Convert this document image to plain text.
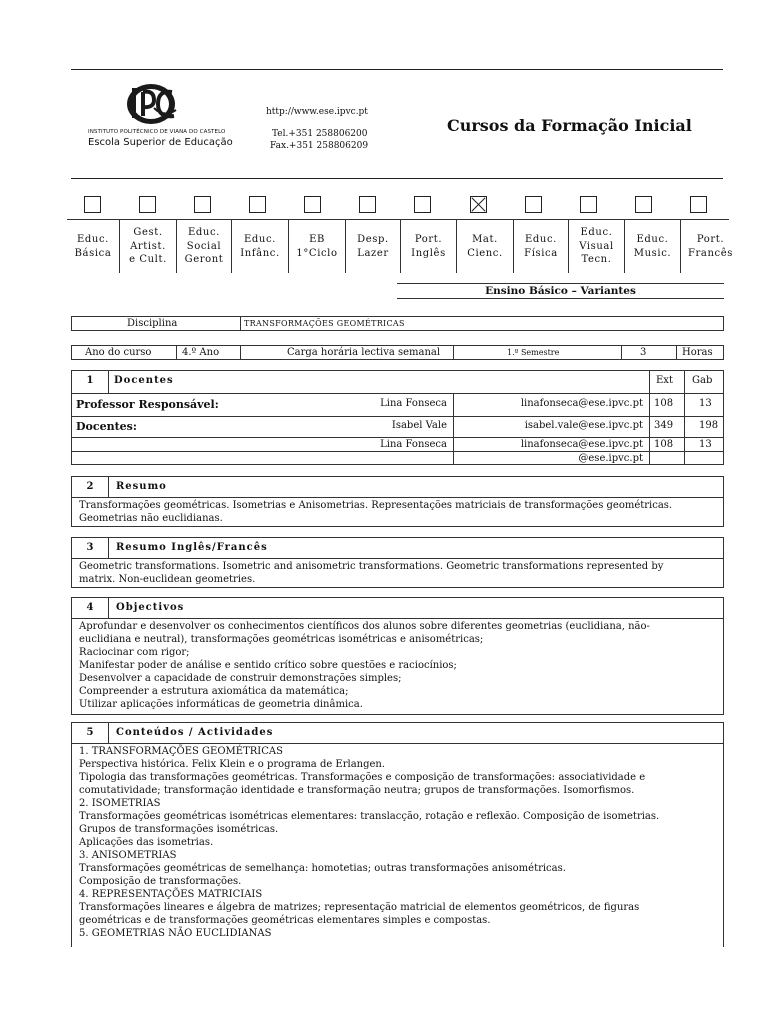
INSTITUTO POLITÉCNICO DE VIANA DO CASTELO
Escola Superior de Educação
http://www.ese.ipvc.pt
Tel.+351 258806200
Fax.+351 258806209
Cursos da Formação Inicial
Educ.
Básica
Gest.
Artist.
e Cult.
Educ.
Social
Geront
Educ.
Infânc.
EB
1°Ciclo
Desp.
Lazer
Port.
Inglês
Mat.
Cienc.
Educ.
Física
Educ.
Visual
Tecn.
Educ.
Music.
Port.
Francês
Ensino Básico – Variantes
Disciplina	TRANSFORMAÇÕES GEOMÉTRICAS
Ano do curso	4.º Ano	Carga horária lectiva semanal	1.º Semestre	3	Horas
1	Docentes	Ext Gab
Professor Responsável:	Lina Fonseca	linafonseca@ese.ipvc.pt 108	13
Docentes:	Isabel Vale	isabel.vale@ese.ipvc.pt 349	198
Lina Fonseca	linafonseca@ese.ipvc.pt 108	13
@ese.ipvc.pt
2	Resumo
Transformações geométricas. Isometrias e Anisometrias. Representações matriciais de transformações geométricas.
Geometrias não euclidianas.
3	Resumo Inglês/Francês
Geometric transformations. Isometric and anisometric transformations. Geometric transformations represented by
matrix. Non-euclidean geometries.
4	Objectivos
Aprofundar e desenvolver os conhecimentos científicos dos alunos sobre diferentes geometrias (euclidiana, não-
euclidiana e neutral), transformações geométricas isométricas e anisométricas;
Raciocinar com rigor;
Manifestar poder de análise e sentido crítico sobre questões e raciocínios;
Desenvolver a capacidade de construir demonstrações simples;
Compreender a estrutura axiomática da matemática;
Utilizar aplicações informáticas de geometria dinâmica.
5	Conteúdos / Actividades
1. TRANSFORMAÇÕES GEOMÉTRICAS
Perspectiva histórica. Felix Klein e o programa de Erlangen.
Tipologia das transformações geométricas. Transformações e composição de transformações: associatividade e
comutatividade; transformação identidade e transformação neutra; grupos de transformações. Isomorfismos.
2. ISOMETRIAS
Transformações geométricas isométricas elementares: translacção, rotação e reflexão. Composição de isometrias.
Grupos de transformações isométricas.
Aplicações das isometrias.
3. ANISOMETRIAS
Transformações geométricas de semelhança: homotetias; outras transformações anisométricas.
Composição de transformações.
4. REPRESENTAÇÕES MATRICIAIS
Transformações lineares e álgebra de matrizes; representação matricial de elementos geométricos, de figuras
geométricas e de transformações geométricas elementares simples e compostas.
5. GEOMETRIAS NÃO EUCLIDIANAS
